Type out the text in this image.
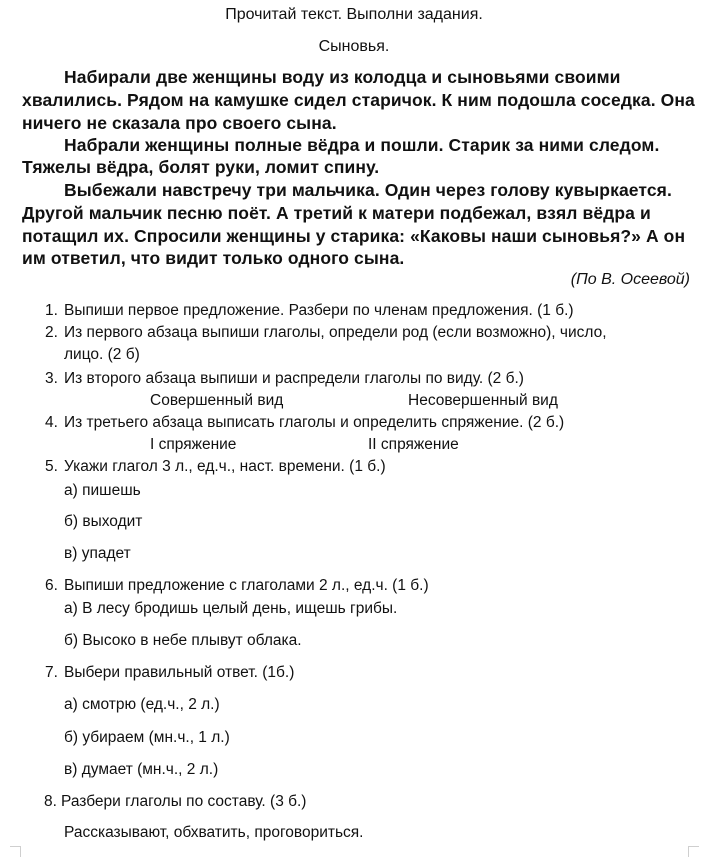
Прочитай текст. Выполни задания.
Сыновья.
Набирали две женщины воду из колодца и сыновьями своими
хвалились. Рядом на камушке сидел старичок. К ним подошла соседка. Она
ничего не сказала про своего сына.
Набрали женщины полные вёдра и пошли. Старик за ними следом.
Тяжелы вёдра, болят руки, ломит спину.
Выбежали навстречу три мальчика. Один через голову кувыркается.
Другой мальчик песню поёт. А третий к матери подбежал, взял вёдра и
потащил их. Спросили женщины у старика: «Каковы наши сыновья?» А он
им ответил, что видит только одного сына.
(По В. Осеевой)
1. Выпиши первое предложение. Разбери по членам предложения. (1 б.)
2. Из первого абзаца выпиши глаголы, определи род (если возможно), число,
лицо. (2 б)
3. Из второго абзаца выпиши и распредели глаголы по виду. (2 б.)
Совершенный вид	Несовершенный вид
4. Из третьего абзаца выписать глаголы и определить спряжение. (2 б.)
I спряжение	II спряжение
5. Укажи глагол 3 л., ед.ч., наст. времени. (1 б.)
а) пишешь
б) выходит
в) упадет
6. Выпиши предложение с глаголами 2 л., ед.ч. (1 б.)
а) В лесу бродишь целый день, ищешь грибы.
б) Высоко в небе плывут облака.
7. Выбери правильный ответ. (1б.)
а) смотрю (ед.ч., 2 л.)
б) убираем (мн.ч., 1 л.)
в) думает (мн.ч., 2 л.)
8. Разбери глаголы по составу. (3 б.)
Рассказывают, обхватить, проговориться.
